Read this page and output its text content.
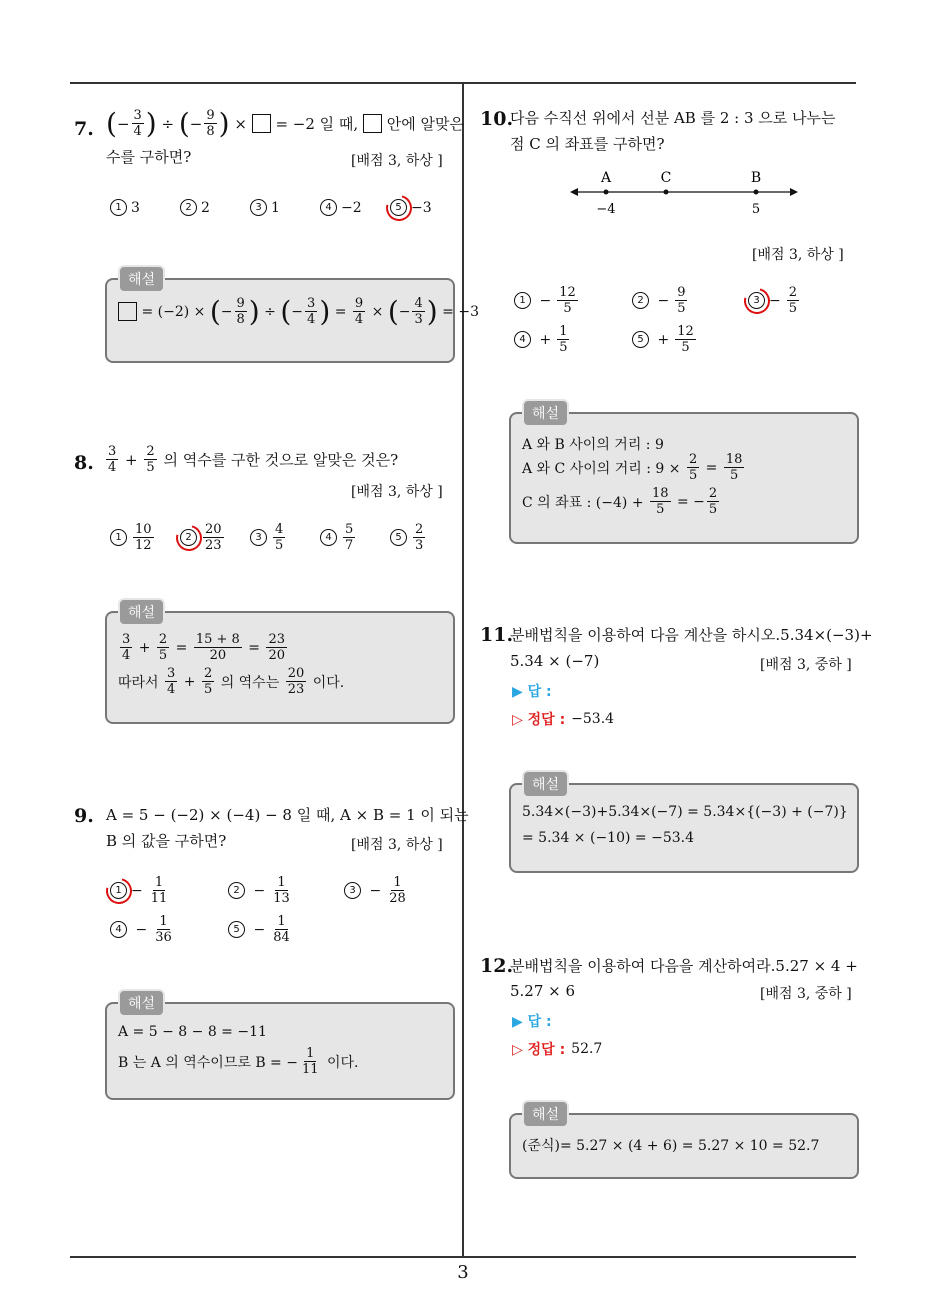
3
7. ( − $\frac{3}{4}$ ) ÷ ( − $\frac{9}{8}$ ) ×
= −2 일 때,
안에 알맞은
수를 구하면?	[배점 3, 하상 ]
1 3	2 2	3 1	4 −2	5 −3
해설
= (−2) × ( − $\frac{9}{8}$ ) ÷ ( − $\frac{3}{4}$ ) = $\frac{9}{4}$ × ( − $\frac{4}{3}$ ) = −3
8. $\frac{3}{4} + \frac{2}{5}$
의 역수를 구한 것으로 알맞은 것은?
[배점 3, 하상 ]
$1 \frac{10}{12}$	$2 \frac{20}{23}$	$3 \frac{4}{5}$	$4 \frac{5}{7}$	$5 \frac{2}{3}$
해설
$\frac{3}{4} + \frac{2}{5} = \frac{15 + 8}{20} = \frac{23}{20}$
따라서
$\frac{3}{4} + \frac{2}{5}$
의 역수는
$\frac{20}{23}$
이다.
9. A = 5 − (−2) × (−4) − 8 일 때, A × B = 1 이 되는
B 의 값을 구하면?	[배점 3, 하상 ]
$1 - \frac{1}{11}$	$2 - \frac{1}{13}$	$3 - \frac{1}{28}$
$4 - \frac{1}{36}$	$5 - \frac{1}{84}$
해설
A = 5 − 8 − 8 = −11
B 는 A 의 역수이므로 B = − $\frac{1}{11}$
이다.
10.
다음 수직선 위에서 선분 AB 를 2 : 3 으로 나누는
점 C 의 좌표를 구하면?
A	C	B
−4	5
[배점 3, 하상 ]
$1 - \frac{12}{5}$	$2 - \frac{9}{5}$	$3 - \frac{2}{5}$
$4 + \frac{1}{5}$	$5 + \frac{12}{5}$
해설
A 와 B 사이의 거리 : 9
A 와 C 사이의 거리 : 9 ×
$\frac{2}{5} = \frac{18}{5}$
C 의 좌표 : (−4) +
$\frac{18}{5}$ = − $\frac{2}{5}$
11.
분배법칙을 이용하여 다음 계산을 하시오.5.34×(−3)+
5.34 × (−7)	[배점 3, 중하 ]
▶ 답 :
▷ 정답 : −53.4
해설
5.34×(−3)+5.34×(−7) = 5.34×{(−3) + (−7)}
= 5.34 × (−10) = −53.4
12.
분배법칙을 이용하여 다음을 계산하여라.5.27 × 4 +
5.27 × 6	[배점 3, 중하 ]
▶ 답 :
▷ 정답 : 52.7
해설
(준식)= 5.27 × (4 + 6) = 5.27 × 10 = 52.7
